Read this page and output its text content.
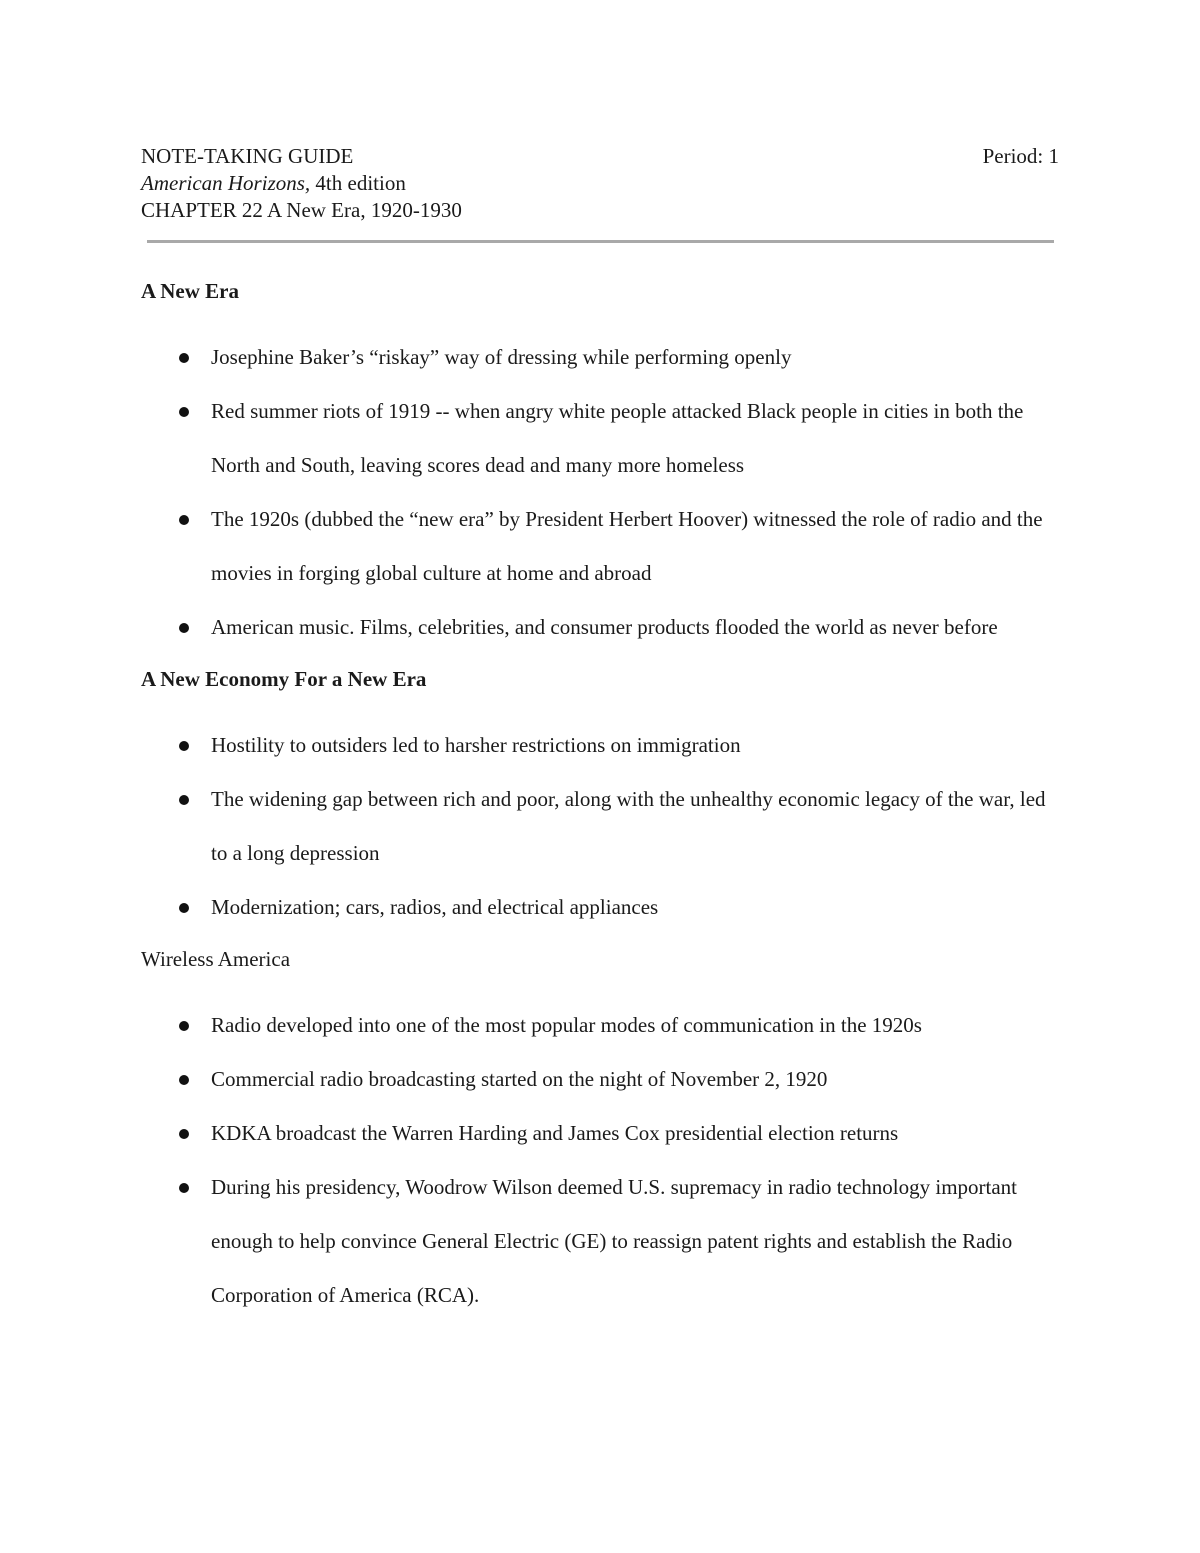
NOTE-TAKING GUIDE	Period: 1
American Horizons, 4th edition
CHAPTER 22 A New Era, 1920-1930

A New Era

Josephine Baker’s “riskay” way of dressing while performing openly
Red summer riots of 1919 -- when angry white people attacked Black people in cities in both the North and South, leaving scores dead and many more homeless
The 1920s (dubbed the “new era” by President Herbert Hoover) witnessed the role of radio and the movies in forging global culture at home and abroad
American music. Films, celebrities, and consumer products flooded the world as never before

A New Economy For a New Era

Hostility to outsiders led to harsher restrictions on immigration
The widening gap between rich and poor, along with the unhealthy economic legacy of the war, led to a long depression
Modernization; cars, radios, and electrical appliances

Wireless America

Radio developed into one of the most popular modes of communication in the 1920s
Commercial radio broadcasting started on the night of November 2, 1920
KDKA broadcast the Warren Harding and James Cox presidential election returns
During his presidency, Woodrow Wilson deemed U.S. supremacy in radio technology important enough to help convince General Electric (GE) to reassign patent rights and establish the Radio Corporation of America (RCA).
